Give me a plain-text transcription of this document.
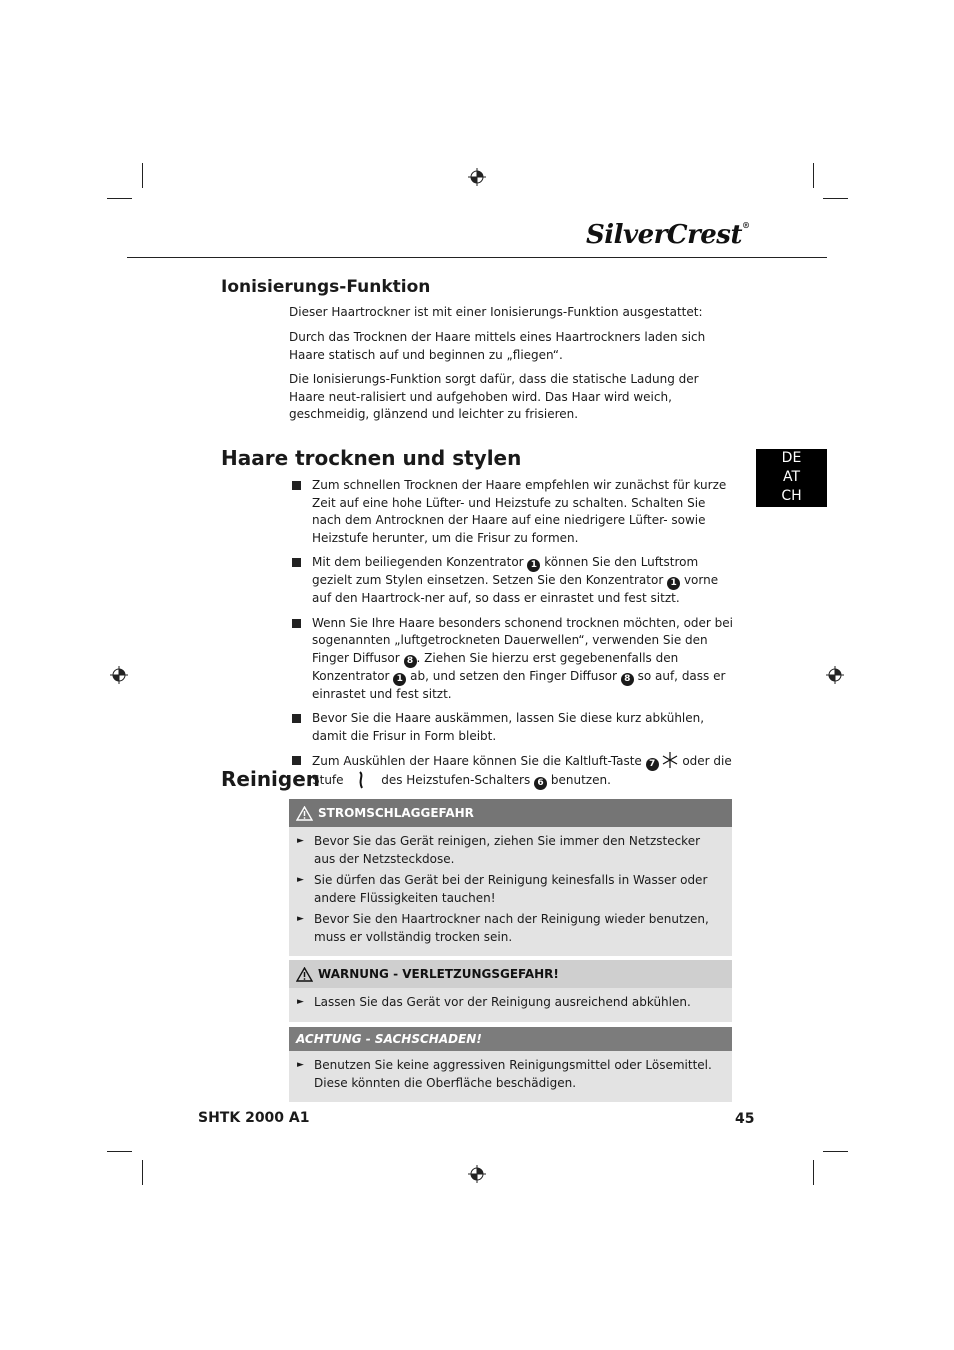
SilverCrest®
Ionisierungs-Funktion

Dieser Haartrockner ist mit einer Ionisierungs-Funktion ausgestattet:

Durch das Trocknen der Haare mittels eines Haartrockners laden sich Haare statisch auf und beginnen zu „fliegen“.

Die Ionisierungs-Funktion sorgt dafür, dass die statische Ladung der Haare neut-ralisiert und aufgehoben wird. Das Haar wird weich, geschmeidig, glänzend und leichter zu frisieren.

Haare trocknen und stylen	DE
AT
CH
Zum schnellen Trocknen der Haare empfehlen wir zunächst für kurze Zeit auf eine hohe Lüfter- und Heizstufe zu schalten. Schalten Sie nach dem Antrocknen der Haare auf eine niedrigere Lüfter- sowie Heizstufe herunter, um die Frisur zu formen.
Mit dem beiliegenden Konzentrator 1 können Sie den Luftstrom gezielt zum Stylen einsetzen. Setzen Sie den Konzentrator 1 vorne auf den Haartrock-ner auf, so dass er einrastet und fest sitzt.
Wenn Sie Ihre Haare besonders schonend trocknen möchten, oder bei sogenannten „luftgetrockneten Dauerwellen“, verwenden Sie den Finger Diffusor 8 . Ziehen Sie hierzu erst gegebenenfalls den Konzentrator 1 ab, und setzen den Finger Diffusor 8 so auf, dass er einrastet und fest sitzt.
Bevor Sie die Haare auskämmen, lassen Sie diese kurz abkühlen, damit die Frisur in Form bleibt.
Zum Auskühlen der Haare können Sie die Kaltluft-Taste 7 oder die Stufe	des Heizstufen-Schalters 6 benutzen.
Reinigen
STROMSCHLAGGEFAHR
► Bevor Sie das Gerät reinigen, ziehen Sie immer den Netzstecker aus der Netzsteckdose.
► Sie dürfen das Gerät bei der Reinigung keinesfalls in Wasser oder andere Flüssigkeiten tauchen!
► Bevor Sie den Haartrockner nach der Reinigung wieder benutzen, muss er vollständig trocken sein.
WARNUNG - VERLETZUNGSGEFAHR!
► Lassen Sie das Gerät vor der Reinigung ausreichend abkühlen.
ACHTUNG - SACHSCHADEN!
► Benutzen Sie keine aggressiven Reinigungsmittel oder Lösemittel. Diese könnten die Oberfläche beschädigen.
SHTK 2000 A1	45
